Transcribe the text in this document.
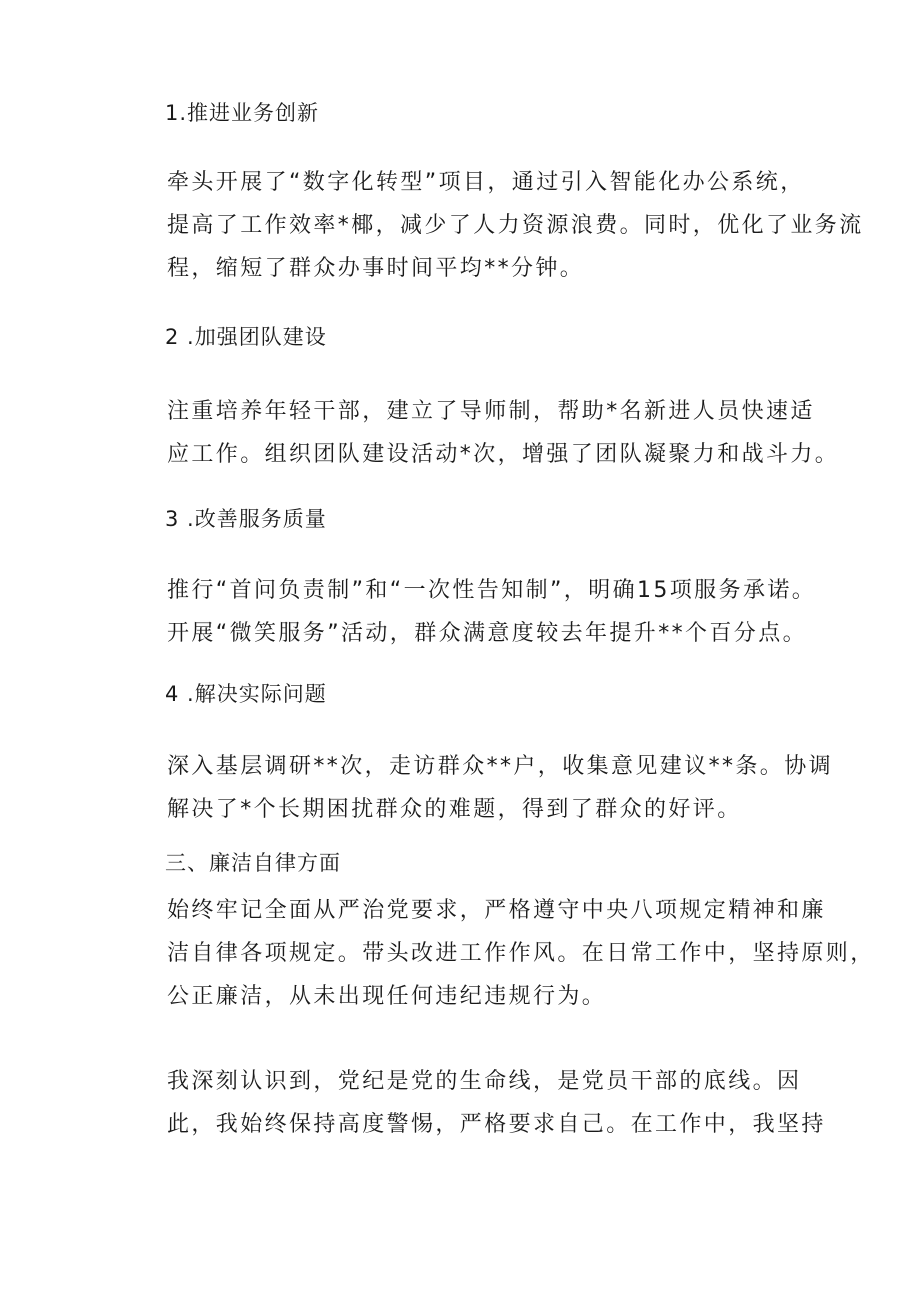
1.推进业务创新
牵头开展了“数字化转型”项目，通过引入智能化办公系统，
提高了工作效率*椰，减少了人力资源浪费。同时，优化了业务流
程，缩短了群众办事时间平均**分钟。
2 .加强团队建设
注重培养年轻干部，建立了导师制，帮助*名新进人员快速适
应工作。组织团队建设活动*次，增强了团队凝聚力和战斗力。
3 .改善服务质量
推行“首问负责制”和“一次性告知制”，明确15项服务承诺。
开展“微笑服务”活动，群众满意度较去年提升**个百分点。
4 .解决实际问题
深入基层调研**次，走访群众**户，收集意见建议**条。协调
解决了*个长期困扰群众的难题，得到了群众的好评。
三、廉洁自律方面
始终牢记全面从严治党要求，严格遵守中央八项规定精神和廉
洁自律各项规定。带头改进工作作风。在日常工作中，坚持原则，
公正廉洁，从未出现任何违纪违规行为。
我深刻认识到，党纪是党的生命线，是党员干部的底线。因
此，我始终保持高度警惕，严格要求自己。在工作中，我坚持
